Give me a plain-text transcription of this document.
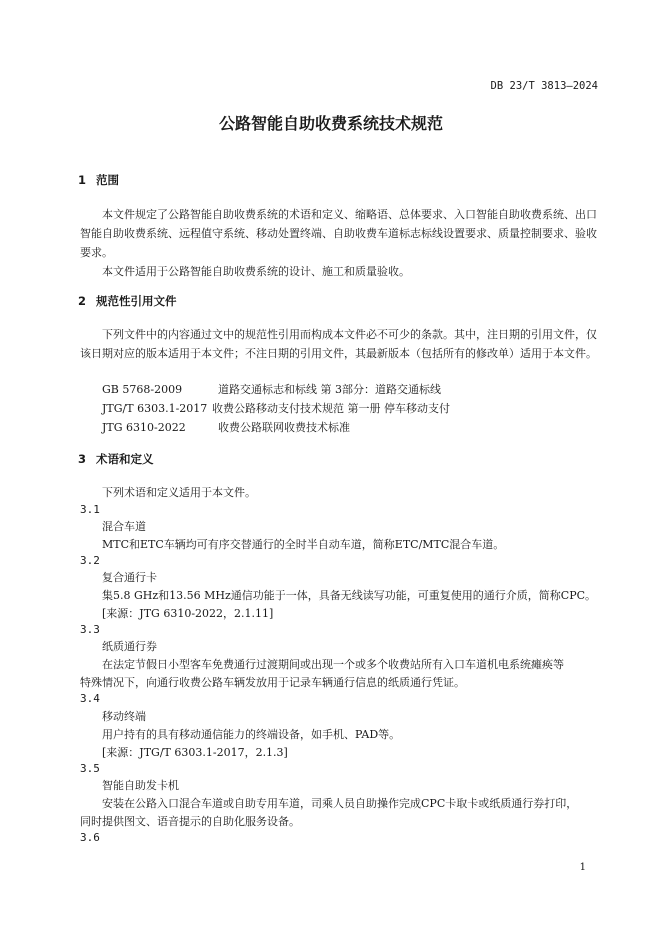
DB 23/T 3813—2024
公路智能自助收费系统技术规范
1 范围
本文件规定了公路智能自助收费系统的术语和定义、缩略语、总体要求、入口智能自助收费系统、出口智能自助收费系统、远程值守系统、移动处置终端、自助收费车道标志标线设置要求、质量控制要求、验收要求。
本文件适用于公路智能自助收费系统的设计、施工和质量验收。
2 规范性引用文件
下列文件中的内容通过文中的规范性引用而构成本文件必不可少的条款。其中，注日期的引用文件，仅该日期对应的版本适用于本文件；不注日期的引用文件，其最新版本（包括所有的修改单）适用于本文件。
GB 5768-2009	道路交通标志和标线 第 3部分：道路交通标线
JTG/T 6303.1-2017 收费公路移动支付技术规范 第一册 停车移动支付
JTG 6310-2022	收费公路联网收费技术标准
3 术语和定义
下列术语和定义适用于本文件。
3.1
混合车道
MTC和ETC车辆均可有序交替通行的全时半自动车道，简称ETC/MTC混合车道。
3.2
复合通行卡
集5.8 GHz和13.56 MHz通信功能于一体，具备无线读写功能，可重复使用的通行介质，简称CPC。
[来源：JTG 6310-2022，2.1.11]
3.3
纸质通行券
在法定节假日小型客车免费通行过渡期间或出现一个或多个收费站所有入口车道机电系统瘫痪等
特殊情况下，向通行收费公路车辆发放用于记录车辆通行信息的纸质通行凭证。
3.4
移动终端
用户持有的具有移动通信能力的终端设备，如手机、PAD等。
[来源：JTG/T 6303.1-2017，2.1.3]
3.5
智能自助发卡机
安装在公路入口混合车道或自助专用车道，司乘人员自助操作完成CPC卡取卡或纸质通行券打印，
同时提供图文、语音提示的自助化服务设备。
3.6
1
